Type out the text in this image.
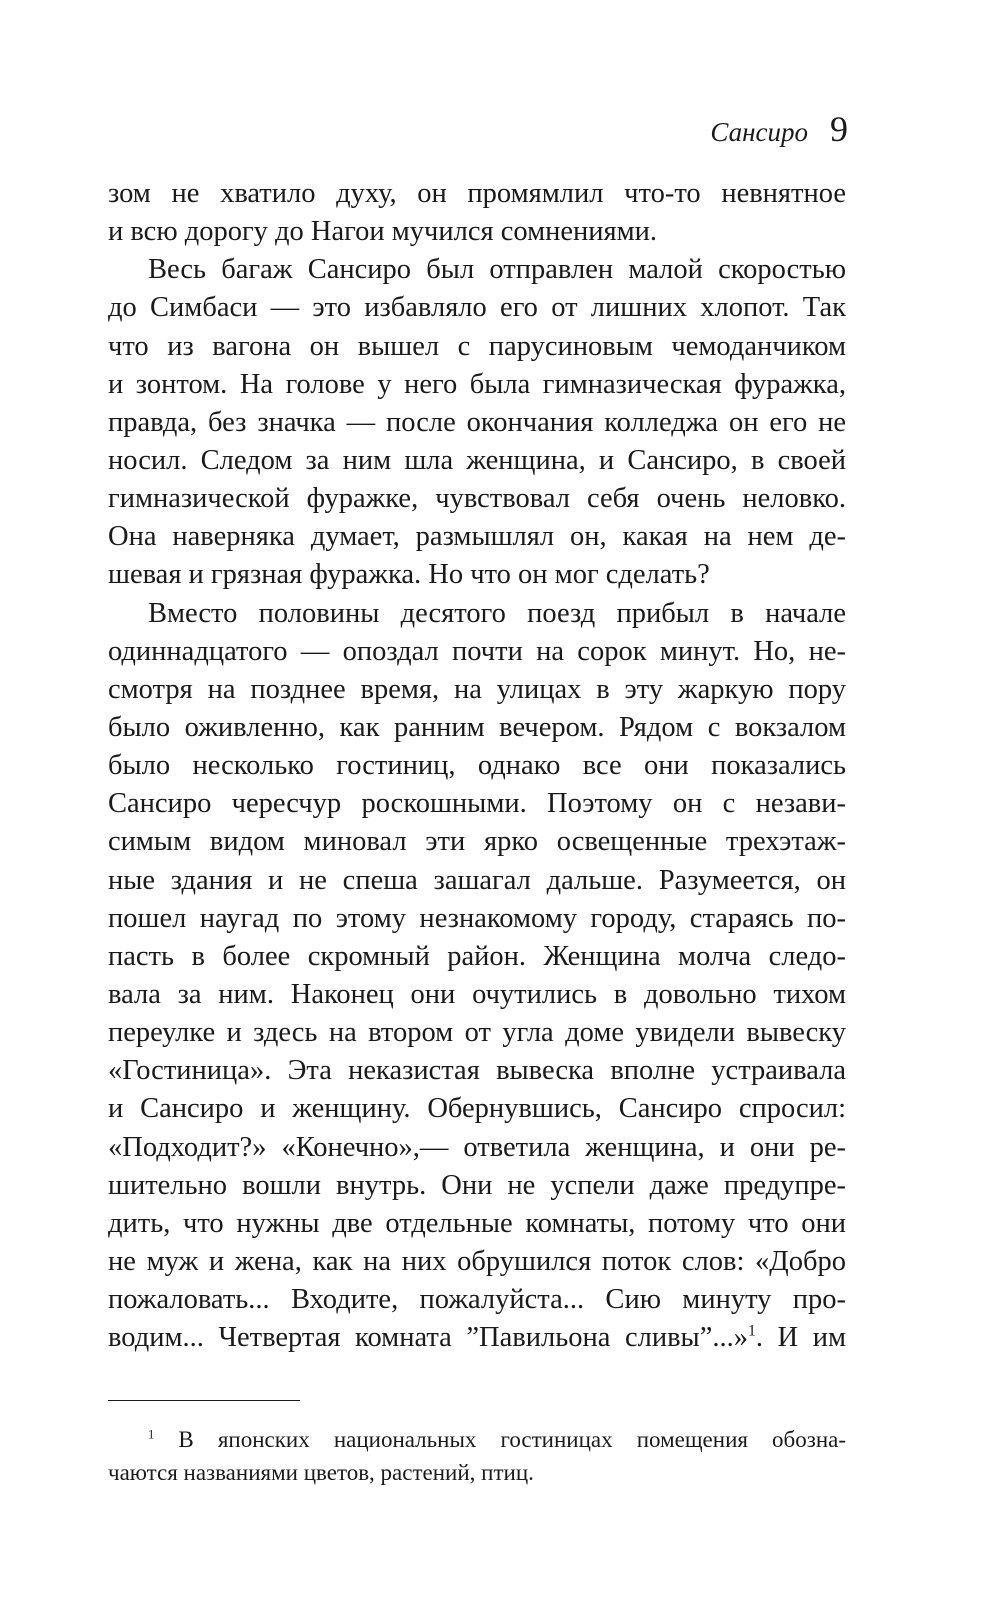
Сансиро 9
зом не хватило духу, он промямлил что-то невнятное
и всю дорогу до Нагои мучился сомнениями.
Весь багаж Сансиро был отправлен малой скоростью
до Симбаси — это избавляло его от лишних хлопот. Так
что из вагона он вышел с парусиновым чемоданчиком
и зонтом. На голове у него была гимназическая фуражка,
правда, без значка — после окончания колледжа он его не
носил. Следом за ним шла женщина, и Сансиро, в своей
гимназической фуражке, чувствовал себя очень неловко.
Она наверняка думает, размышлял он, какая на нем де-
шевая и грязная фуражка. Но что он мог сделать?
Вместо половины десятого поезд прибыл в начале
одиннадцатого — опоздал почти на сорок минут. Но, не-
смотря на позднее время, на улицах в эту жаркую пору
было оживленно, как ранним вечером. Рядом с вокзалом
было несколько гостиниц, однако все они показались
Сансиро чересчур роскошными. Поэтому он с незави-
симым видом миновал эти ярко освещенные трехэтаж-
ные здания и не спеша зашагал дальше. Разумеется, он
пошел наугад по этому незнакомому городу, стараясь по-
пасть в более скромный район. Женщина молча следо-
вала за ним. Наконец они очутились в довольно тихом
переулке и здесь на втором от угла доме увидели вывеску
«Гостиница». Эта неказистая вывеска вполне устраивала
и Сансиро и женщину. Обернувшись, Сансиро спросил:
«Подходит?» «Конечно»,— ответила женщина, и они ре-
шительно вошли внутрь. Они не успели даже предупре-
дить, что нужны две отдельные комнаты, потому что они
не муж и жена, как на них обрушился поток слов: «Добро
пожаловать... Входите, пожалуйста... Сию минуту про-
водим... Четвертая комната ”Павильона сливы”...»$^1$. И им
$^1$ В японских национальных гостиницах помещения обозна-
чаются названиями цветов, растений, птиц.
